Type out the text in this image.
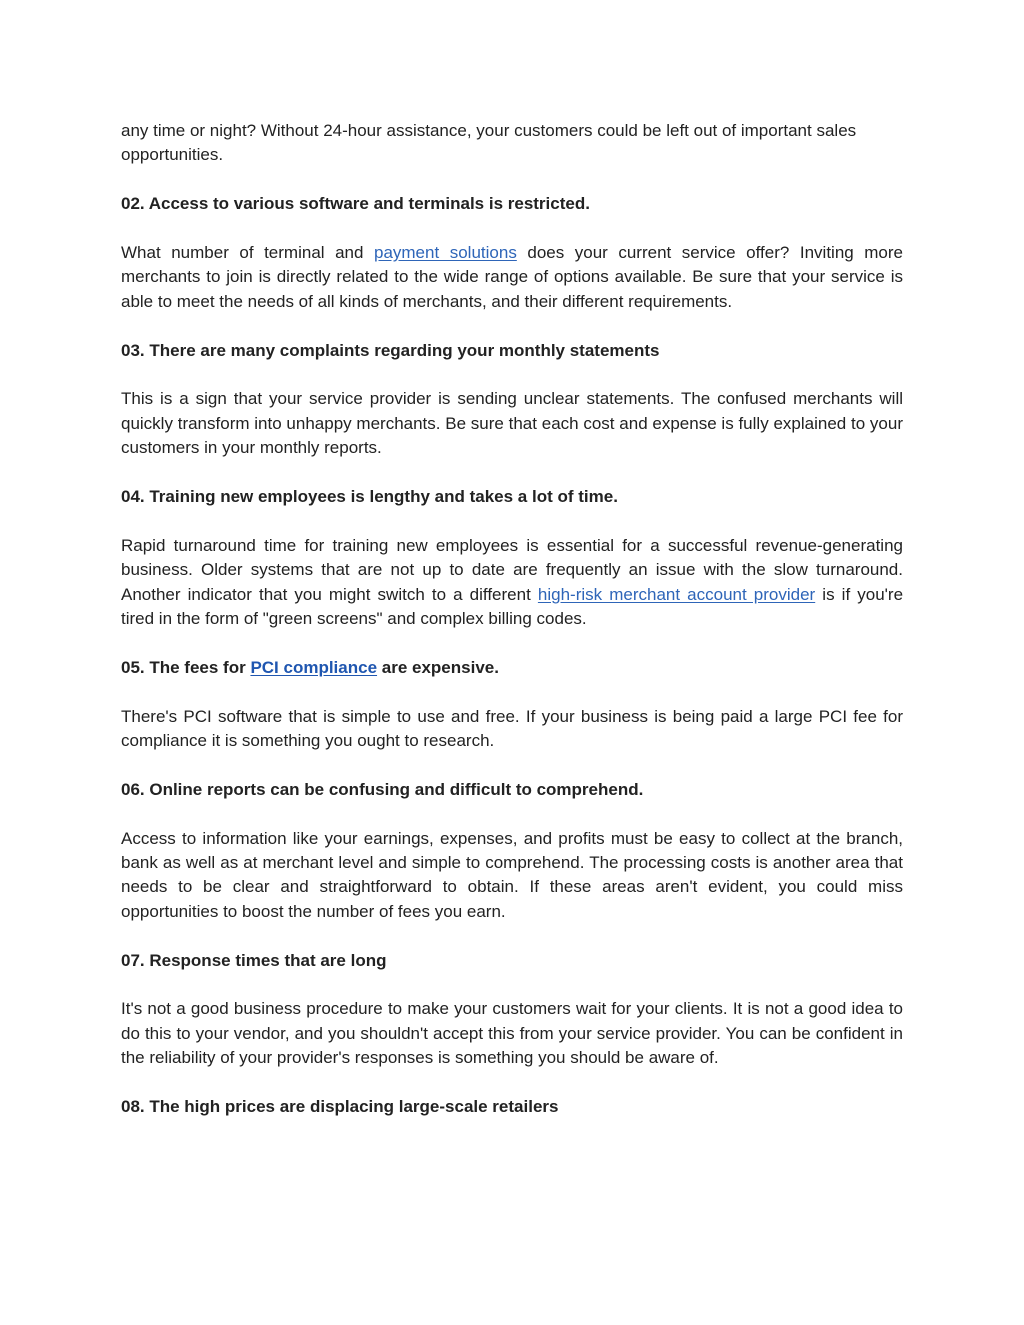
any time or night? Without 24-hour assistance, your customers could be left out of important sales opportunities.

02. Access to various software and terminals is restricted.

What number of terminal and payment solutions does your current service offer? Inviting more merchants to join is directly related to the wide range of options available. Be sure that your service is able to meet the needs of all kinds of merchants, and their different requirements.

03. There are many complaints regarding your monthly statements

This is a sign that your service provider is sending unclear statements. The confused merchants will quickly transform into unhappy merchants. Be sure that each cost and expense is fully explained to your customers in your monthly reports.

04. Training new employees is lengthy and takes a lot of time.

Rapid turnaround time for training new employees is essential for a successful revenue-generating business. Older systems that are not up to date are frequently an issue with the slow turnaround. Another indicator that you might switch to a different high-risk merchant account provider is if you're tired in the form of "green screens" and complex billing codes.

05. The fees for PCI compliance are expensive.

There's PCI software that is simple to use and free. If your business is being paid a large PCI fee for compliance it is something you ought to research.

06. Online reports can be confusing and difficult to comprehend.

Access to information like your earnings, expenses, and profits must be easy to collect at the branch, bank as well as at merchant level and simple to comprehend. The processing costs is another area that needs to be clear and straightforward to obtain. If these areas aren't evident, you could miss opportunities to boost the number of fees you earn.

07. Response times that are long

It's not a good business procedure to make your customers wait for your clients. It is not a good idea to do this to your vendor, and you shouldn't accept this from your service provider. You can be confident in the reliability of your provider's responses is something you should be aware of.

08. The high prices are displacing large-scale retailers
